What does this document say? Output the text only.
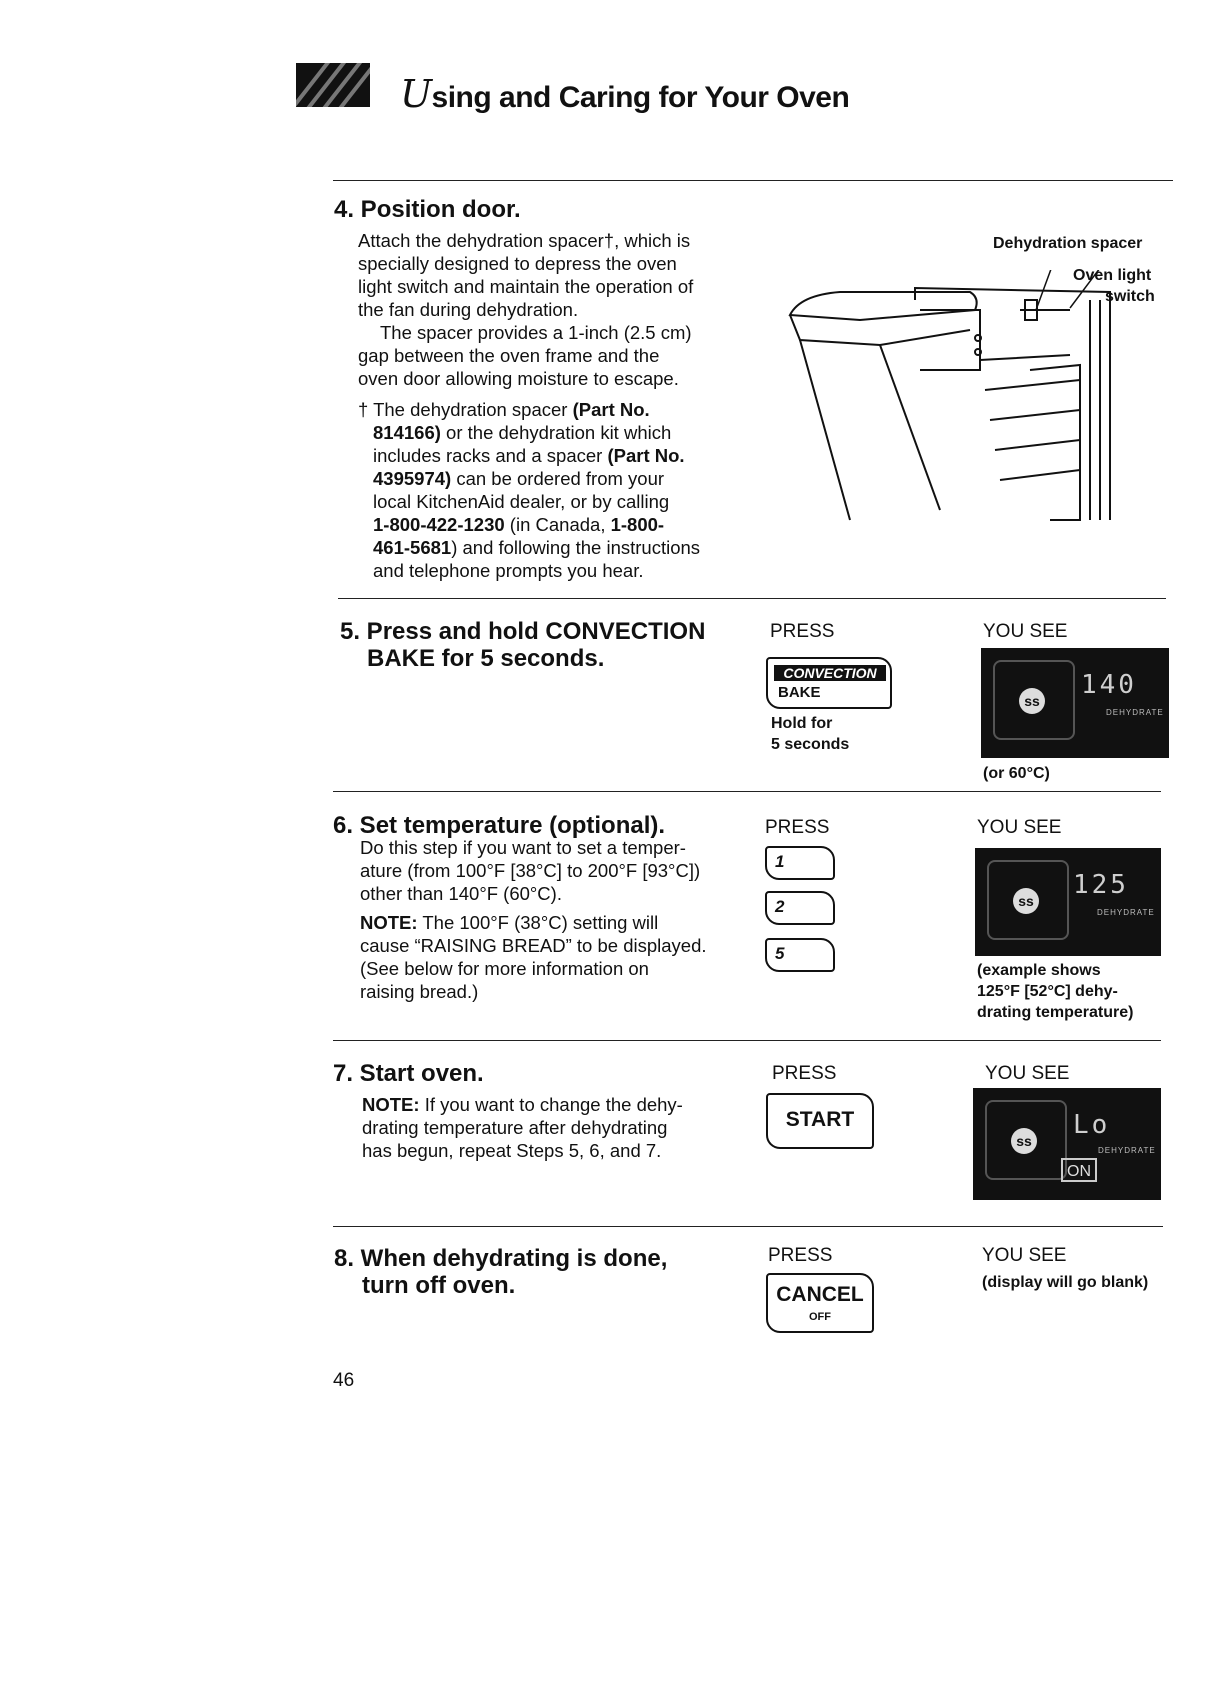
Using and Caring for Your Oven
4. Position door.
Attach the dehydration spacer†, which is
specially designed to depress the oven
light switch and maintain the operation of
the fan during dehydration.
The spacer provides a 1-inch (2.5 cm)
gap between the oven frame and the
oven door allowing moisture to escape.
† The dehydration spacer (Part No.
814166) or the dehydration kit which
includes racks and a spacer (Part No.
4395974) can be ordered from your
local KitchenAid dealer, or by calling
1-800-422-1230 (in Canada, 1-800-
461-5681) and following the instructions
and telephone prompts you hear.
Dehydration spacer
Oven light
switch
5. Press and hold CONVECTION
BAKE for 5 seconds.
PRESS	YOU SEE
CONVECTION
BAKE
Hold for
5 seconds
ss
140
DEHYDRATE
(or 60°C)
6. Set temperature (optional).
Do this step if you want to set a temper-
ature (from 100°F [38°C] to 200°F [93°C])
other than 140°F (60°C).
NOTE: The 100°F (38°C) setting will
cause “RAISING BREAD” to be displayed.
(See below for more information on
raising bread.)
PRESS	YOU SEE
1
2
5
ss
125
DEHYDRATE
(example shows
125°F [52°C] dehy-
drating temperature)
7. Start oven.
NOTE: If you want to change the dehy-
drating temperature after dehydrating
has begun, repeat Steps 5, 6, and 7.
PRESS	YOU SEE
START
ss
Lo
DEHYDRATE
ON
8. When dehydrating is done,
turn off oven.
PRESS	YOU SEE
(display will go blank)
CANCEL
OFF
46
